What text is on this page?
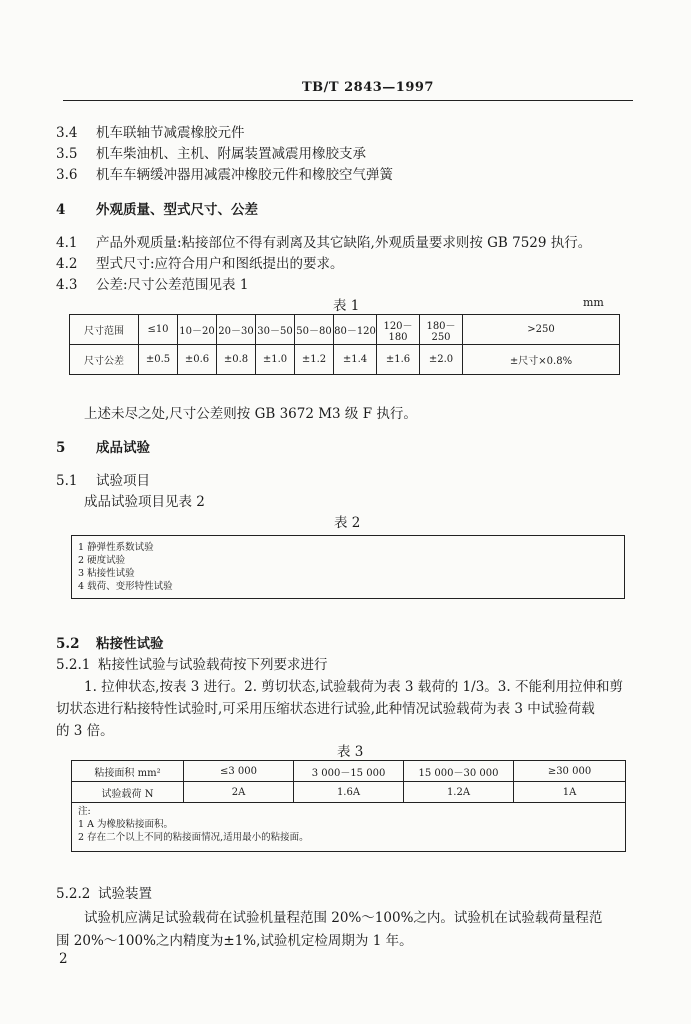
TB/T 2843—1997
3.4 机车联轴节减震橡胶元件
3.5 机车柴油机、主机、附属装置减震用橡胶支承
3.6 机车车辆缓冲器用减震冲橡胶元件和橡胶空气弹簧
4 外观质量、型式尺寸、公差
4.1 产品外观质量:粘接部位不得有剥离及其它缺陷,外观质量要求则按 GB 7529 执行。
4.2 型式尺寸:应符合用户和图纸提出的要求。
4.3 公差:尺寸公差范围见表 1
表 1	mm
尺寸范围	≤10	10－20	20－30	30－50	50－80	80－120	120－180	180－250	>250
尺寸公差	±0.5	±0.6	±0.8	±1.0	±1.2	±1.4	±1.6	±2.0	±尺寸×0.8%
上述未尽之处,尺寸公差则按 GB 3672 M3 级 F 执行。
5 成品试验
5.1 试验项目
成品试验项目见表 2
表 2
1 静弹性系数试验
2 硬度试验
3 粘接性试验
4 载荷、变形特性试验
5.2 粘接性试验
5.2.1 粘接性试验与试验载荷按下列要求进行
1. 拉伸状态,按表 3 进行。2. 剪切状态,试验载荷为表 3 载荷的 1/3。3. 不能利用拉伸和剪
切状态进行粘接特性试验时,可采用压缩状态进行试验,此种情况试验载荷为表 3 中试验荷载
的 3 倍。
表 3
粘接面积 mm²	≤3 000	3 000－15 000	15 000－30 000	≥30 000
试验载荷 N	2A	1.6A	1.2A	1A

注:
1 A 为橡胶粘接面积。
2 存在二个以上不同的粘接面情况,适用最小的粘接面。				
5.2.2 试验装置
试验机应满足试验载荷在试验机量程范围 20%～100%之内。试验机在试验载荷量程范
围 20%～100%之内精度为±1%,试验机定检周期为 1 年。
2
